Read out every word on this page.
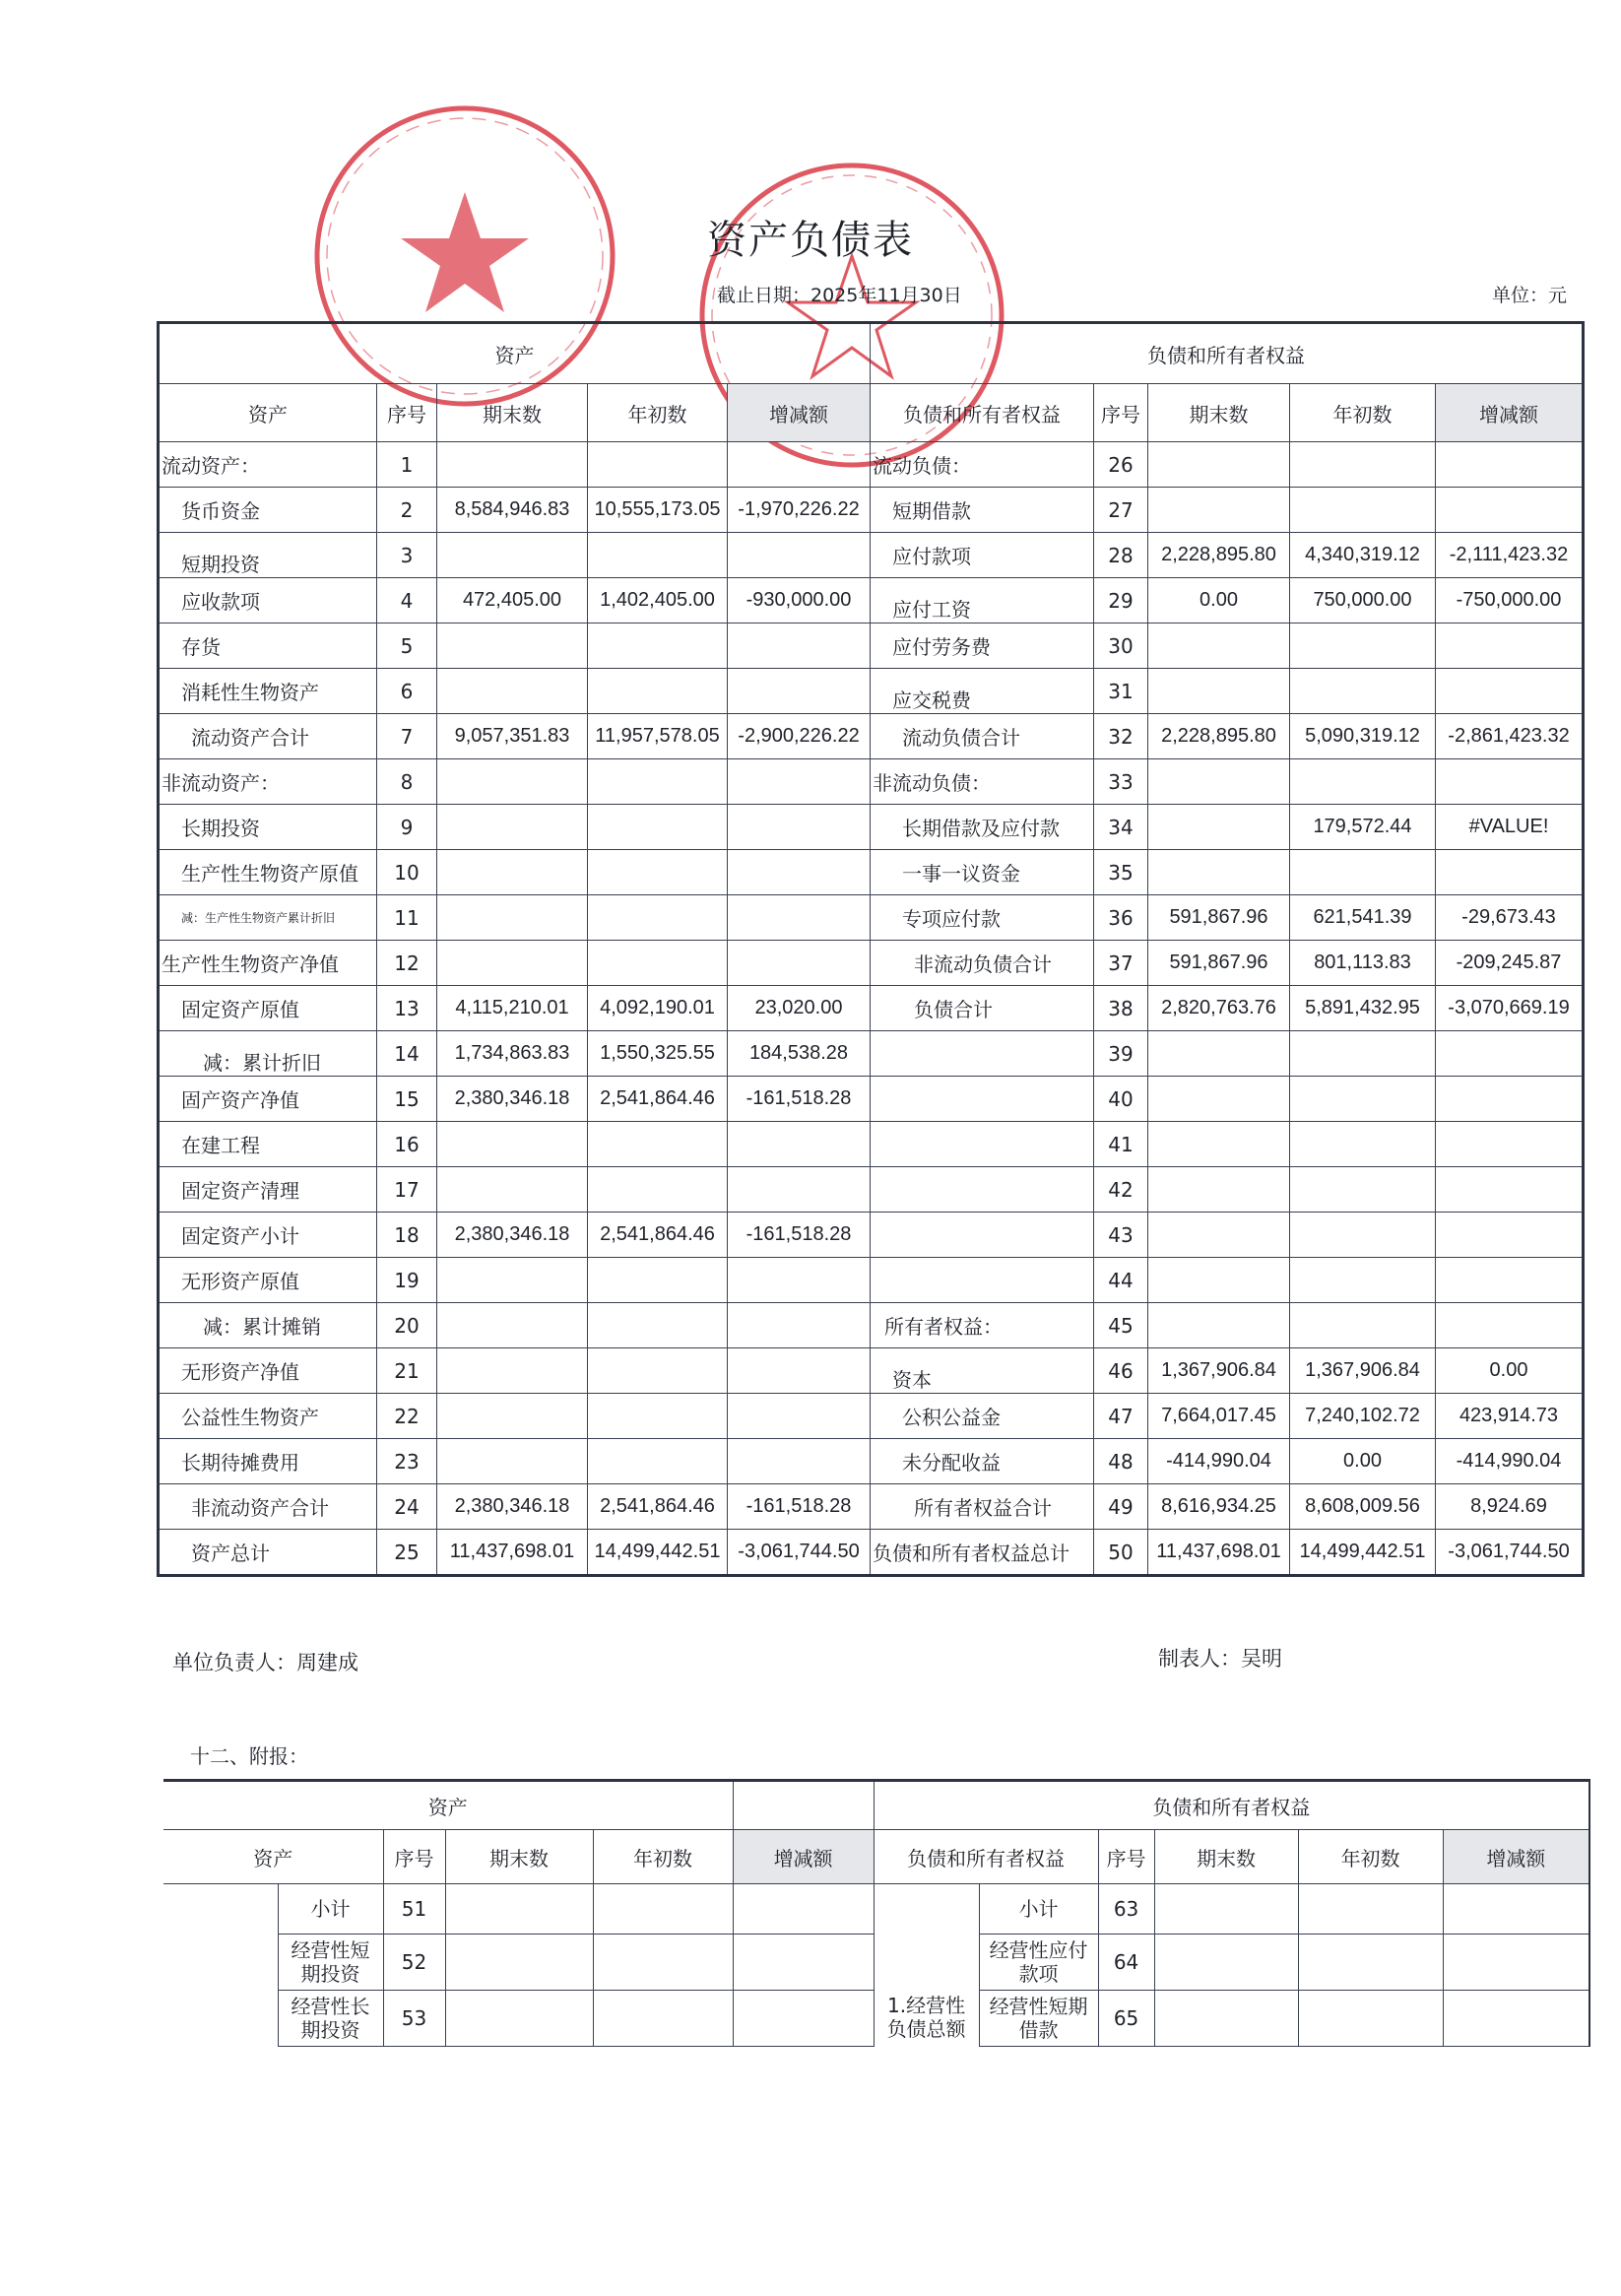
资产负债表
截止日期：2025年11月30日	单位：元
资产					负债和所有者权益				
资产	序号	期末数	年初数	增减额	负债和所有者权益	序号	期末数	年初数	增减额
流动资产：	1				流动负债：	26			
货币资金	2	8,584,946.83	10,555,173.05	-1,970,226.22	短期借款	27			
短期投资	3				应付款项	28	2,228,895.80	4,340,319.12	-2,111,423.32
应收款项	4	472,405.00	1,402,405.00	-930,000.00	应付工资	29	0.00	750,000.00	-750,000.00
存货	5				应付劳务费	30			
消耗性生物资产	6				应交税费	31			
流动资产合计	7	9,057,351.83	11,957,578.05	-2,900,226.22	流动负债合计	32	2,228,895.80	5,090,319.12	-2,861,423.32
非流动资产：	8				非流动负债：	33			
长期投资	9				长期借款及应付款	34		179,572.44	#VALUE!
生产性生物资产原值	10				一事一议资金	35			
减：生产性生物资产累计折旧	11				专项应付款	36	591,867.96	621,541.39	-29,673.43
生产性生物资产净值	12				非流动负债合计	37	591,867.96	801,113.83	-209,245.87
固定资产原值	13	4,115,210.01	4,092,190.01	23,020.00	负债合计	38	2,820,763.76	5,891,432.95	-3,070,669.19
减：累计折旧	14	1,734,863.83	1,550,325.55	184,538.28		39			
固产资产净值	15	2,380,346.18	2,541,864.46	-161,518.28		40			
在建工程	16					41			
固定资产清理	17					42			
固定资产小计	18	2,380,346.18	2,541,864.46	-161,518.28		43			
无形资产原值	19					44			
减：累计摊销	20				所有者权益：	45			
无形资产净值	21				资本	46	1,367,906.84	1,367,906.84	0.00
公益性生物资产	22				公积公益金	47	7,664,017.45	7,240,102.72	423,914.73
长期待摊费用	23				未分配收益	48	-414,990.04	0.00	-414,990.04
非流动资产合计	24	2,380,346.18	2,541,864.46	-161,518.28	所有者权益合计	49	8,616,934.25	8,608,009.56	8,924.69
资产总计	25	11,437,698.01	14,499,442.51	-3,061,744.50	负债和所有者权益总计	50	11,437,698.01	14,499,442.51	-3,061,744.50
单位负责人：周建成	制表人：吴明
十二、附报：
资产						负债和所有者权益					
资产		序号	期末数	年初数	增减额	负债和所有者权益		序号	期末数	年初数	增减额
	小计	51				1.经营性负债总额	小计	63			
	经营性短期投资	52					经营性应付款项	64			
	经营性长期投资	53					经营性短期借款	65			
